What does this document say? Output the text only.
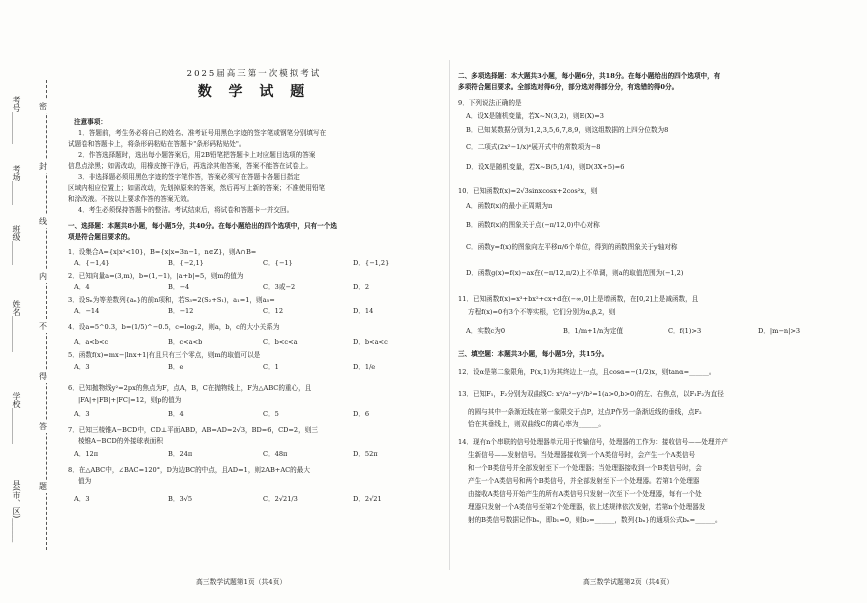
考号________
考场______
班级______
姓名_________
学校_________
县(市、区)______
密
封
线
内
不
得
答
题
2025届高三第一次模拟考试
数 学 试 题
注意事项：
1．答题前，考生务必将自己的姓名、准考证号用黑色字迹的签字笔或钢笔分别填写在
试题卷和答题卡上，将条形码粘贴在答题卡"条形码粘贴处"。
2．作答选择题时，选出每小题答案后，用2B铅笔把答题卡上对应题目选项的答案
信息点涂黑；如需改动，用橡皮擦干净后，再选涂其他答案，答案不能答在试卷上。
3．非选择题必须用黑色字迹的签字笔作答，答案必须写在答题卡各题目指定
区域内相应位置上；如需改动，先划掉原来的答案，然后再写上新的答案；不准使用铅笔
和涂改液。不按以上要求作答的答案无效。
4．考生必须保持答题卡的整洁。考试结束后，将试卷和答题卡一并交回。
一、选择题：本题共8小题，每小题5分，共40分。在每小题给出的四个选项中，只有一个选
项是符合题目要求的。
1．设集合A={x|x²<10}，B={x|x=3n−1，n∈Z}，则A∩B=
A．{−1,4}	B．{−2,1}	C．{−1}	D．{−1,2}
2．已知向量a=(3,m)，b=(1,−1)，|a+b|=5，则m的值为
A．4	B．−4	C．3或−2	D．2
3．设Sₙ为等差数列{aₙ}的前n项和，若S₃=2(S₂+S₁)，a₁=1，则a₅=
A．−14	B．−12	C．12	D．14
4．设a=5^0.3，b=(1/5)^−0.5，c=log₂2，则a，b，c的大小关系为
A．a<b<c	B．c<a<b	C．b<c<a	D．b<a<c
5．函数f(x)=mx−|lnx+1|有且只有三个零点，则m的取值可以是
A．3	B．e	C．1	D．1/e
6．已知抛物线y²=2px的焦点为F，点A，B，C在抛物线上，F为△ABC的重心，且
|FA|+|FB|+|FC|=12，则p的值为
A．3	B．4	C．5	D．6
7．已知三棱锥A−BCD中，CD⊥平面ABD，AB=AD=2√3，BD=6，CD=2，则三
棱锥A−BCD的外接球表面积
A．12π	B．24π	C．48π	D．52π
8．在△ABC中，∠BAC=120°，D为边BC的中点，且AD=1，则2AB+AC的最大
值为
A．3	B．3√5	C．2√21/3	D．2√21
高三数学试题第1页（共4页）
二、多项选择题：本大题共3小题，每小题6分，共18分。在每小题给出的四个选项中，有
多项符合题目要求。全部选对得6分，部分选对得部分分，有选错的得0分。
9．下列说法正确的是
A．设X是随机变量，若X~N(3,2)，则E(X)=3
B．已知某数据分别为1,2,3,5,6,7,8,9，则这组数据的上四分位数为8
C．二项式(2x²−1/x)⁶展开式中的常数项为−8
D．设X是随机变量，若X~B(5,1/4)，则D(3X+5)=6
10．已知函数f(x)=2√3sinxcosx+2cos²x，则
A．函数f(x)的最小正周期为π
B．函数f(x)的图象关于点(−π/12,0)中心对称
C．函数y=f(x)的图象向左平移π/6个单位，得到的函数图象关于y轴对称
D．函数g(x)=f(x)−ax在(−π/12,π/2)上不单调，则a的取值范围为(−1,2)
11．已知函数f(x)=x³+bx²+cx+d在(−∞,0]上是增函数，在[0,2]上是减函数，且
方程f(x)=0有3个不等实根，它们分别为α,β,2，则
A．实数c为0	B．1/m+1/n为定值	C．f(1)>3	D．|m−n|>3
三、填空题：本题共3小题，每小题5分，共15分。
12．设α是第二象限角，P(x,1)为其终边上一点，且cosα=−(1/2)x，则tanα=______。
13．已知F₁，F₂分别为双曲线C: x²/a²−y²/b²=1(a>0,b>0)的左、右焦点，以F₁F₂为直径
的圆与其中一条渐近线在第一象限交于点P，过点P作另一条渐近线的垂线，点F₂
恰在其垂线上，则双曲线C的离心率为______。
14．现有n个串联的信号处理器单元用于传输信号，处理器的工作为：接收信号——处理并产
生新信号——发射信号。当处理器接收到一个A类信号时，会产生一个A类信号
和一个B类信号并全部发射至下一个处理器；当处理器接收到一个B类信号时，会
产生一个A类信号和两个B类信号，并全部发射至下一个处理器。若第1个处理器
由接收A类信号开始产生的所有A类信号只发射一次至下一个处理器，每有一个处
理器只发射一个A类信号至第2个处理器，依上述规律依次发射，若第n个处理器发
射的B类信号数据记作bₙ，即b₁=0，则b₂=______，数列{bₙ}的通项公式bₙ=______。
高三数学试题第2页（共4页）
